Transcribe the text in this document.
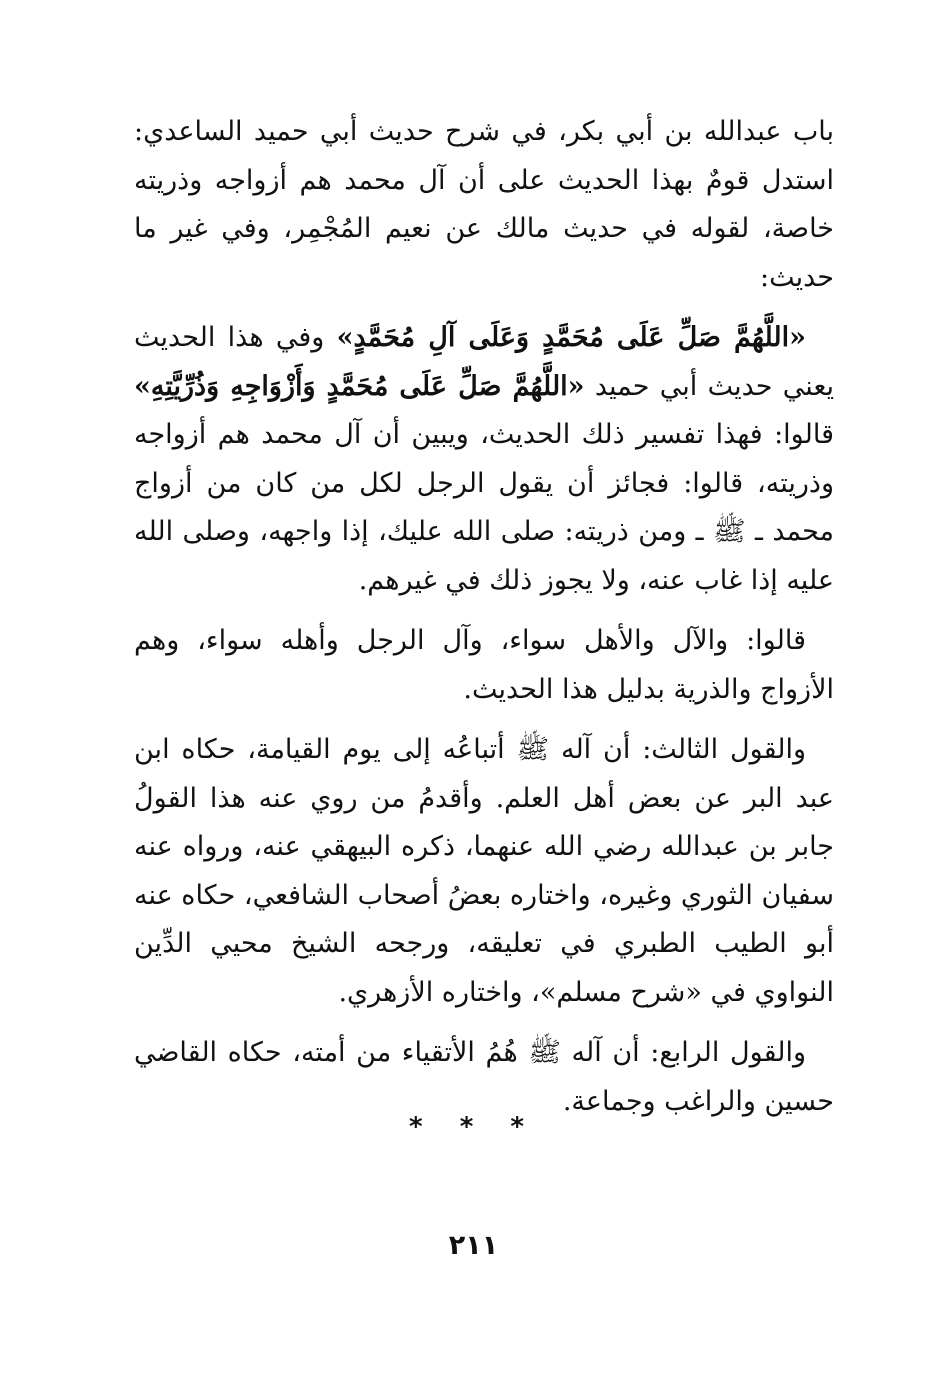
باب عبدالله بن أبي بكر، في شرح حديث أبي حميد الساعدي: استدل قومٌ بهذا الحديث على أن آل محمد هم أزواجه وذريته خاصة، لقوله في حديث مالك عن نعيم المُجْمِر، وفي غير ما حديث:

«اللَّهُمَّ صَلِّ عَلَى مُحَمَّدٍ وَعَلَى آلِ مُحَمَّدٍ» وفي هذا الحديث يعني حديث أبي حميد «اللَّهُمَّ صَلِّ عَلَى مُحَمَّدٍ وَأَزْوَاجِهِ وَذُرِّيَّتِهِ» قالوا: فهذا تفسير ذلك الحديث، ويبين أن آل محمد هم أزواجه وذريته، قالوا: فجائز أن يقول الرجل لكل من كان من أزواج محمد ـ ﷺ ـ ومن ذريته: صلى الله عليك، إذا واجهه، وصلى الله عليه إذا غاب عنه، ولا يجوز ذلك في غيرهم.

قالوا: والآل والأهل سواء، وآل الرجل وأهله سواء، وهم الأزواج والذرية بدليل هذا الحديث.

والقول الثالث: أن آله ﷺ أتباعُه إلى يوم القيامة، حكاه ابن عبد البر عن بعض أهل العلم. وأقدمُ من روي عنه هذا القولُ جابر بن عبدالله رضي الله عنهما، ذكره البيهقي عنه، ورواه عنه سفيان الثوري وغيره، واختاره بعضُ أصحاب الشافعي، حكاه عنه أبو الطيب الطبري في تعليقه، ورجحه الشيخ محيي الدِّين النواوي في «شرح مسلم»، واختاره الأزهري.

والقول الرابع: أن آله ﷺ هُمُ الأتقياء من أمته، حكاه القاضي حسين والراغب وجماعة.

* * *
٢١١
